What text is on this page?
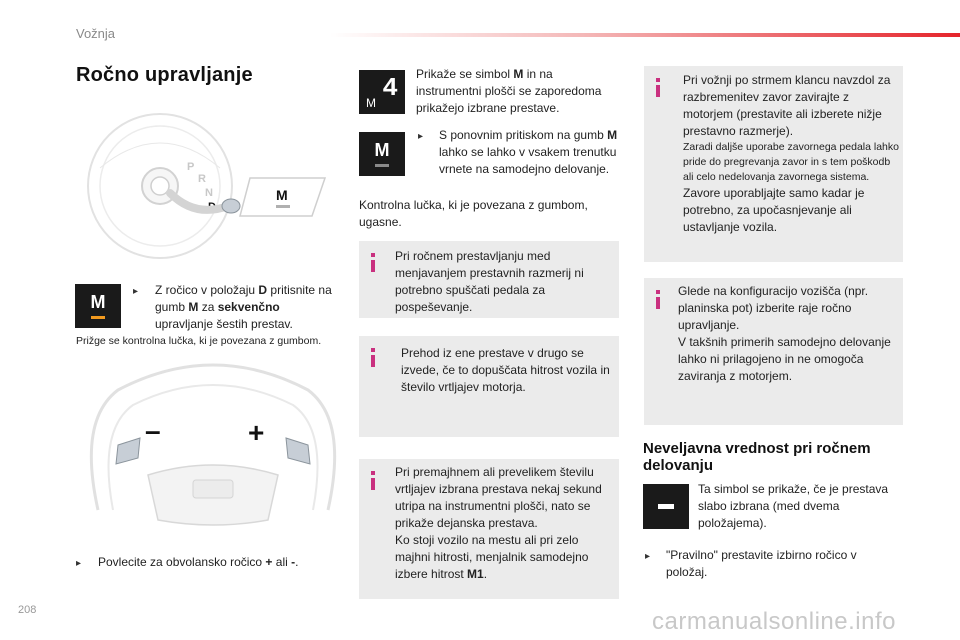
Vožnja
Ročno upravljanje
P
R
N
D
M
M
▸ Z ročico v položaju D pritisnite na gumb M za sekvenčno upravljanje šestih prestav.
Prižge se kontrolna lučka, ki je povezana z gumbom.
–	+
▸ Povlecite za obvolansko ročico + ali -.
M 4 Prikaže se simbol M in na instrumentni plošči se zaporedoma prikažejo izbrane prestave.
M
▸ S ponovnim pritiskom na gumb M lahko se lahko v vsakem trenutku vrnete na samodejno delovanje.
Kontrolna lučka, ki je povezana z gumbom, ugasne.
Pri ročnem prestavljanju med menjavanjem prestavnih razmerij ni potrebno spuščati pedala za pospeševanje.
Prehod iz ene prestave v drugo se izvede, če to dopuščata hitrost vozila in število vrtljajev motorja.
Pri premajhnem ali prevelikem številu vrtljajev izbrana prestava nekaj sekund utripa na instrumentni plošči, nato se prikaže dejanska prestava.
Ko stoji vozilo na mestu ali pri zelo majhni hitrosti, menjalnik samodejno izbere hitrost M1.
Pri vožnji po strmem klancu navzdol za razbremenitev zavor zavirajte z motorjem (prestavite ali izberete nižje prestavno razmerje).
Zaradi daljše uporabe zavornega pedala lahko pride do pregrevanja zavor in s tem poškodb ali celo nedelovanja zavornega sistema.
Zavore uporabljajte samo kadar je potrebno, za upočasnjevanje ali ustavljanje vozila.
Glede na konfiguracijo vozišča (npr. planinska pot) izberite raje ročno upravljanje.
V takšnih primerih samodejno delovanje lahko ni prilagojeno in ne omogoča zaviranja z motorjem.
Neveljavna vrednost pri ročnem delovanju
Ta simbol se prikaže, če je prestava slabo izbrana (med dvema položajema).
▸ "Pravilno" prestavite izbirno ročico v položaj.
208	carmanualsonline.info
